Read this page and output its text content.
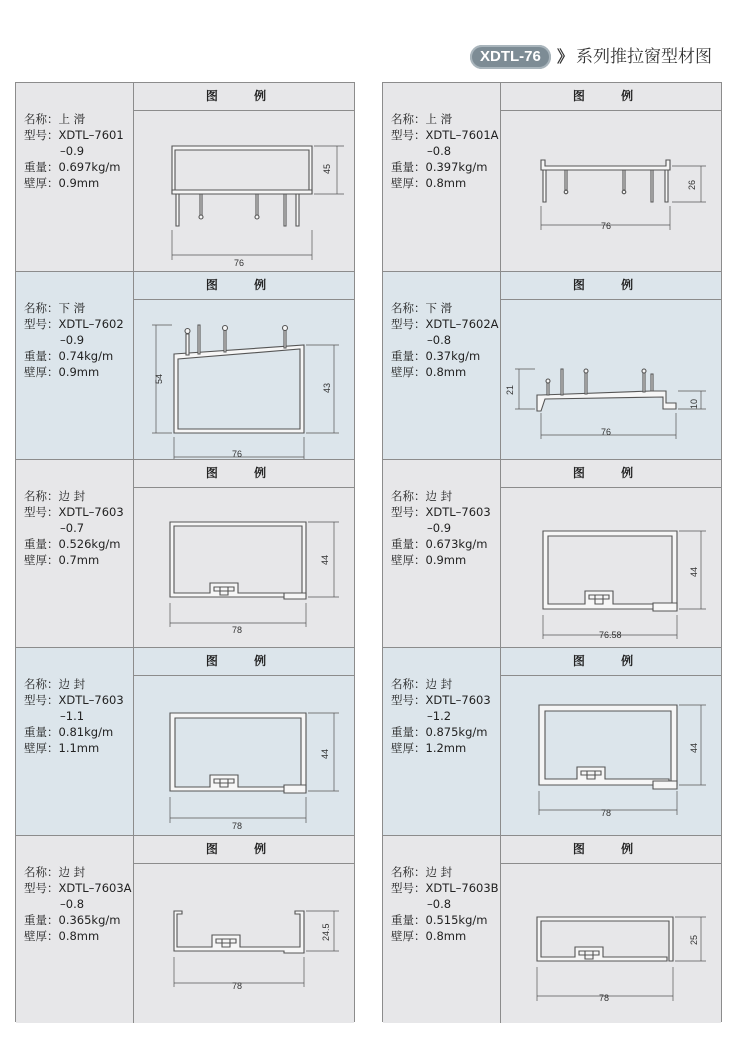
XDTL-76	》 系列推拉窗型材图
名称：上 滑
型号：XDTL–7601
–0.9
重量：0.697kg/m
壁厚：0.9mm
图 例
76
45
名称：下 滑
型号：XDTL–7602
–0.9
重量：0.74kg/m
壁厚：0.9mm
图 例
76
54
43
名称：边 封
型号：XDTL–7603
–0.7
重量：0.526kg/m
壁厚：0.7mm
图 例
78
44
名称：边 封
型号：XDTL–7603
–1.1
重量：0.81kg/m
壁厚：1.1mm
图 例
78
44
名称：边 封
型号：XDTL–7603A
–0.8
重量：0.365kg/m
壁厚：0.8mm
图 例
78
24.5
名称：上 滑
型号：XDTL–7601A
–0.8
重量：0.397kg/m
壁厚：0.8mm
图 例
76
26
名称：下 滑
型号：XDTL–7602A
–0.8
重量：0.37kg/m
壁厚：0.8mm
图 例
76
21
10
名称：边 封
型号：XDTL–7603
–0.9
重量：0.673kg/m
壁厚：0.9mm
图 例
76.58
44
名称：边 封
型号：XDTL–7603
–1.2
重量：0.875kg/m
壁厚：1.2mm
图 例
78
44
名称：边 封
型号：XDTL–7603B
–0.8
重量：0.515kg/m
壁厚：0.8mm
图 例
78
25
